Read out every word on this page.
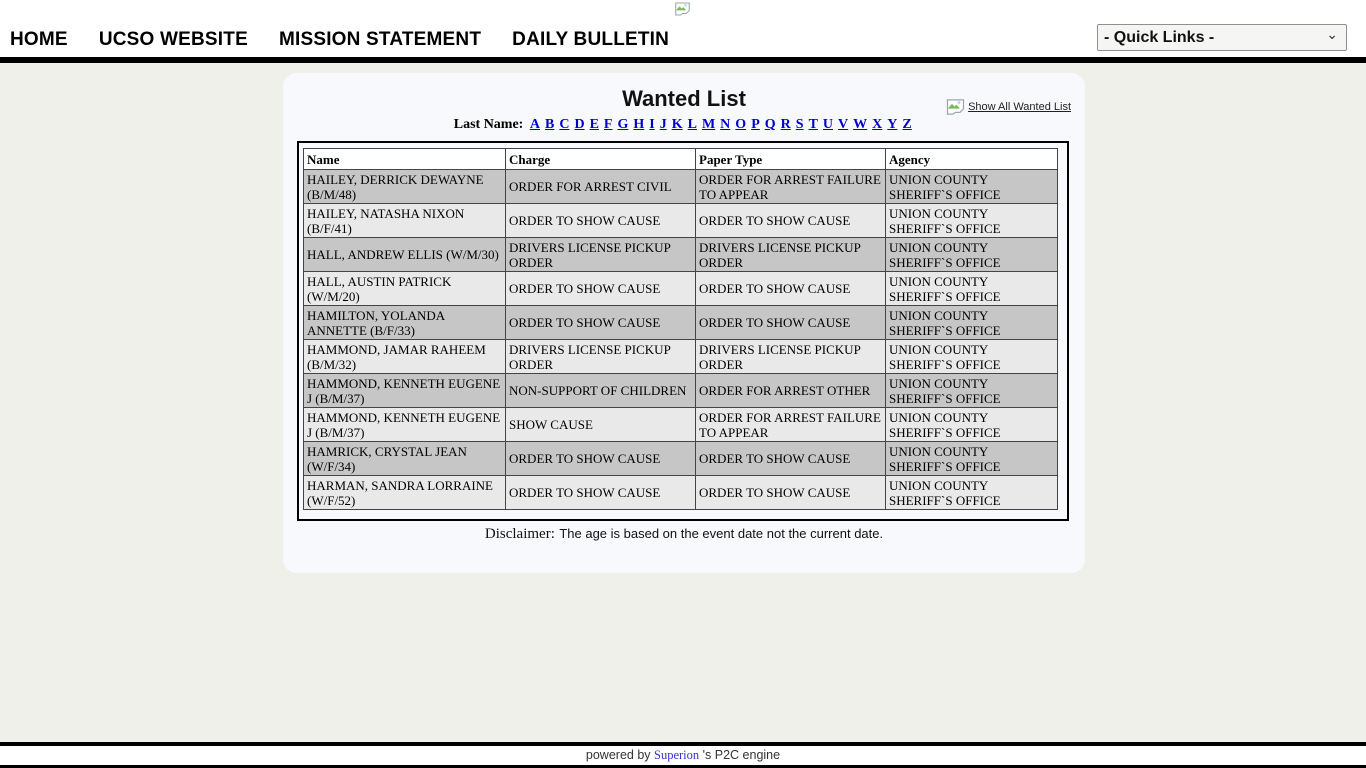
HOME UCSO WEBSITE MISSION STATEMENT DAILY BULLETIN
- Quick Links -	⌄
Wanted List	Show All Wanted List
Last Name: A B C D E F G H I J K L M N O P Q R S T U V W X Y Z
Name	Charge	Paper Type	Agency
HAILEY, DERRICK DEWAYNE (B/M/48)	ORDER FOR ARREST CIVIL	ORDER FOR ARREST FAILURE TO APPEAR	UNION COUNTY SHERIFF`S OFFICE
HAILEY, NATASHA NIXON (B/F/41)	ORDER TO SHOW CAUSE	ORDER TO SHOW CAUSE	UNION COUNTY SHERIFF`S OFFICE
HALL, ANDREW ELLIS (W/M/30)	DRIVERS LICENSE PICKUP ORDER	DRIVERS LICENSE PICKUP ORDER	UNION COUNTY SHERIFF`S OFFICE
HALL, AUSTIN PATRICK (W/M/20)	ORDER TO SHOW CAUSE	ORDER TO SHOW CAUSE	UNION COUNTY SHERIFF`S OFFICE
HAMILTON, YOLANDA ANNETTE (B/F/33)	ORDER TO SHOW CAUSE	ORDER TO SHOW CAUSE	UNION COUNTY SHERIFF`S OFFICE
HAMMOND, JAMAR RAHEEM (B/M/32)	DRIVERS LICENSE PICKUP ORDER	DRIVERS LICENSE PICKUP ORDER	UNION COUNTY SHERIFF`S OFFICE
HAMMOND, KENNETH EUGENE J (B/M/37)	NON-SUPPORT OF CHILDREN	ORDER FOR ARREST OTHER	UNION COUNTY SHERIFF`S OFFICE
HAMMOND, KENNETH EUGENE J (B/M/37)	SHOW CAUSE	ORDER FOR ARREST FAILURE TO APPEAR	UNION COUNTY SHERIFF`S OFFICE
HAMRICK, CRYSTAL JEAN (W/F/34)	ORDER TO SHOW CAUSE	ORDER TO SHOW CAUSE	UNION COUNTY SHERIFF`S OFFICE
HARMAN, SANDRA LORRAINE (W/F/52)	ORDER TO SHOW CAUSE	ORDER TO SHOW CAUSE	UNION COUNTY SHERIFF`S OFFICE
Disclaimer: The age is based on the event date not the current date.
powered by Superion 's P2C engine
